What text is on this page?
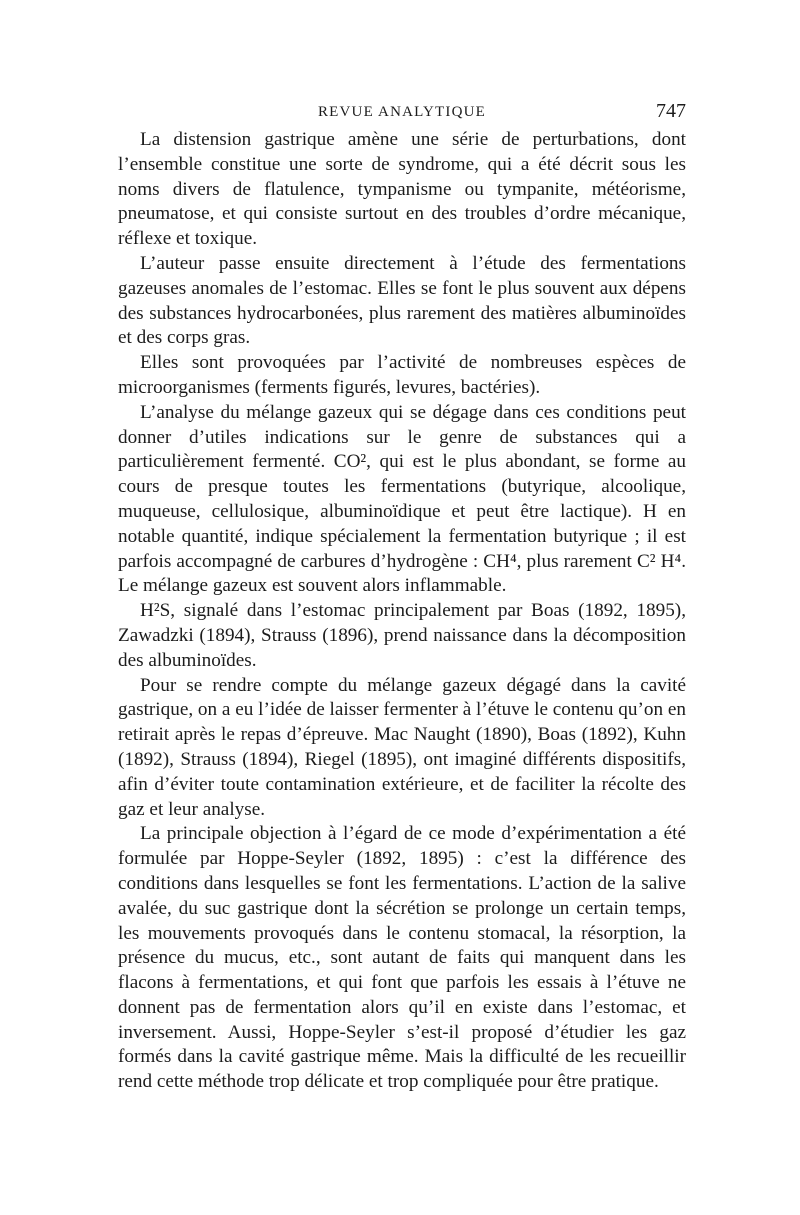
REVUE ANALYTIQUE	747

La distension gastrique amène une série de perturbations, dont l’ensemble constitue une sorte de syndrome, qui a été décrit sous les noms divers de flatulence, tympanisme ou tympanite, météorisme, pneumatose, et qui consiste surtout en des troubles d’ordre mécanique, réflexe et toxique.

L’auteur passe ensuite directement à l’étude des fermentations gazeuses anomales de l’estomac. Elles se font le plus souvent aux dépens des substances hydrocarbonées, plus rarement des matières albuminoïdes et des corps gras.

Elles sont provoquées par l’activité de nombreuses espèces de microorganismes (ferments figurés, levures, bactéries).

L’analyse du mélange gazeux qui se dégage dans ces conditions peut donner d’utiles indications sur le genre de substances qui a particulièrement fermenté. CO², qui est le plus abondant, se forme au cours de presque toutes les fermentations (butyrique, alcoolique, muqueuse, cellulosique, albuminoïdique et peut être lactique). H en notable quantité, indique spécialement la fermentation butyrique ; il est parfois accompagné de carbures d’hydrogène : CH⁴, plus rarement C² H⁴. Le mélange gazeux est souvent alors inflammable.

H²S, signalé dans l’estomac principalement par Boas (1892, 1895), Zawadzki (1894), Strauss (1896), prend naissance dans la décomposition des albuminoïdes.

Pour se rendre compte du mélange gazeux dégagé dans la cavité gastrique, on a eu l’idée de laisser fermenter à l’étuve le contenu qu’on en retirait après le repas d’épreuve. Mac Naught (1890), Boas (1892), Kuhn (1892), Strauss (1894), Riegel (1895), ont imaginé différents dispositifs, afin d’éviter toute contamination extérieure, et de faciliter la récolte des gaz et leur analyse.

La principale objection à l’égard de ce mode d’expérimentation a été formulée par Hoppe-Seyler (1892, 1895) : c’est la différence des conditions dans lesquelles se font les fermentations. L’action de la salive avalée, du suc gastrique dont la sécrétion se prolonge un certain temps, les mouvements provoqués dans le contenu stomacal, la résorption, la présence du mucus, etc., sont autant de faits qui manquent dans les flacons à fermentations, et qui font que parfois les essais à l’étuve ne donnent pas de fermentation alors qu’il en existe dans l’estomac, et inversement. Aussi, Hoppe-Seyler s’est-il proposé d’étudier les gaz formés dans la cavité gastrique même. Mais la difficulté de les recueillir rend cette méthode trop délicate et trop compliquée pour être pratique.
